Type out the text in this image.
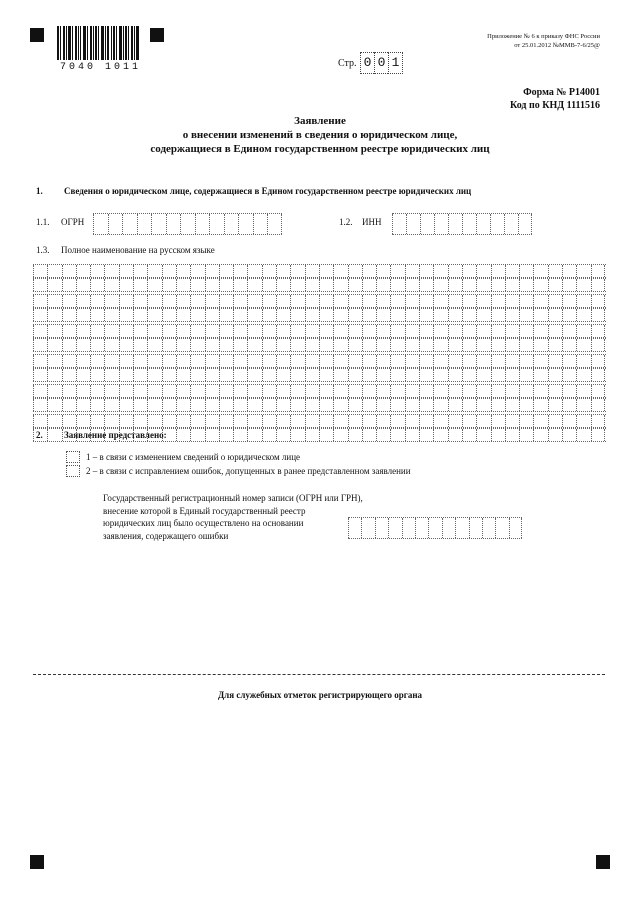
7040 1011
Приложение № 6 к приказу ФНС России
от 25.01.2012 №ММВ-7-6/25@
Стр. 0 0 1
Форма № Р14001
Код по КНД 1111516
Заявление
о внесении изменений в сведения о юридическом лице,
содержащиеся в Едином государственном реестре юридических лиц
1. Сведения о юридическом лице, содержащиеся в Едином государственном реестре юридических лиц
1.1. ОГРН	1.2. ИНН
1.3. Полное наименование на русском языке
2. Заявление представлено:
1 – в связи с изменением сведений о юридическом лице
2 – в связи с исправлением ошибок, допущенных в ранее представленном заявлении
Государственный регистрационный номер записи (ОГРН или ГРН),
внесение которой в Единый государственный реестр
юридических лиц было осуществлено на основании
заявления, содержащего ошибки
Для служебных отметок регистрирующего органа
